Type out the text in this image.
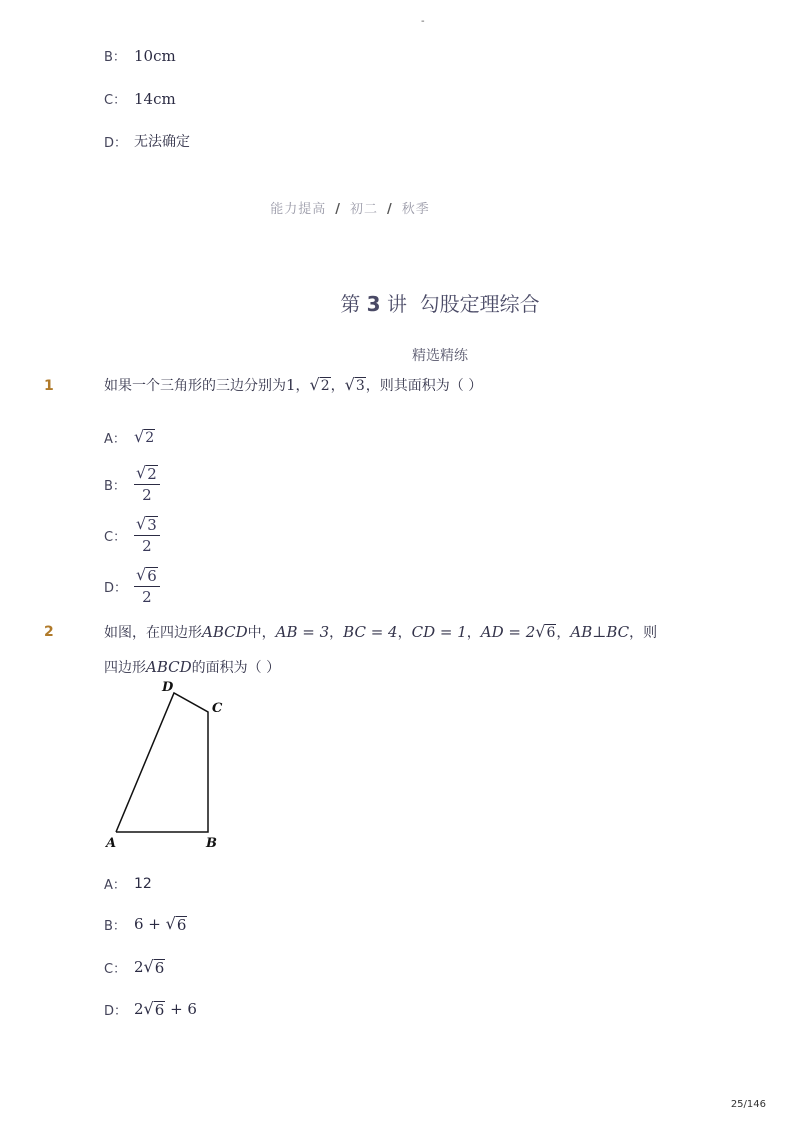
-
B： 10cm
C： 14cm
D： 无法确定
能力提高 / 初二 / 秋季
第 3 讲 勾股定理综合
精选精练
1	如果一个三角形的三边分别为1， √ 2 ， √ 3 ，则其面积为（ ）
A： √ 2
B： $\frac{√ 2}{2}$
C： $\frac{√ 3}{2}$
D： $\frac{√ 6}{2}$
2	如图，在四边形ABCD中，AB = 3，BC = 4，CD = 1，AD = 2 √ 6 ，AB⊥BC，则
四边形ABCD的面积为（ ）
A	B
C
D
A： 12
B： 6 + √ 6
C： 2 √ 6
D： 2 √ 6 + 6
25/146
